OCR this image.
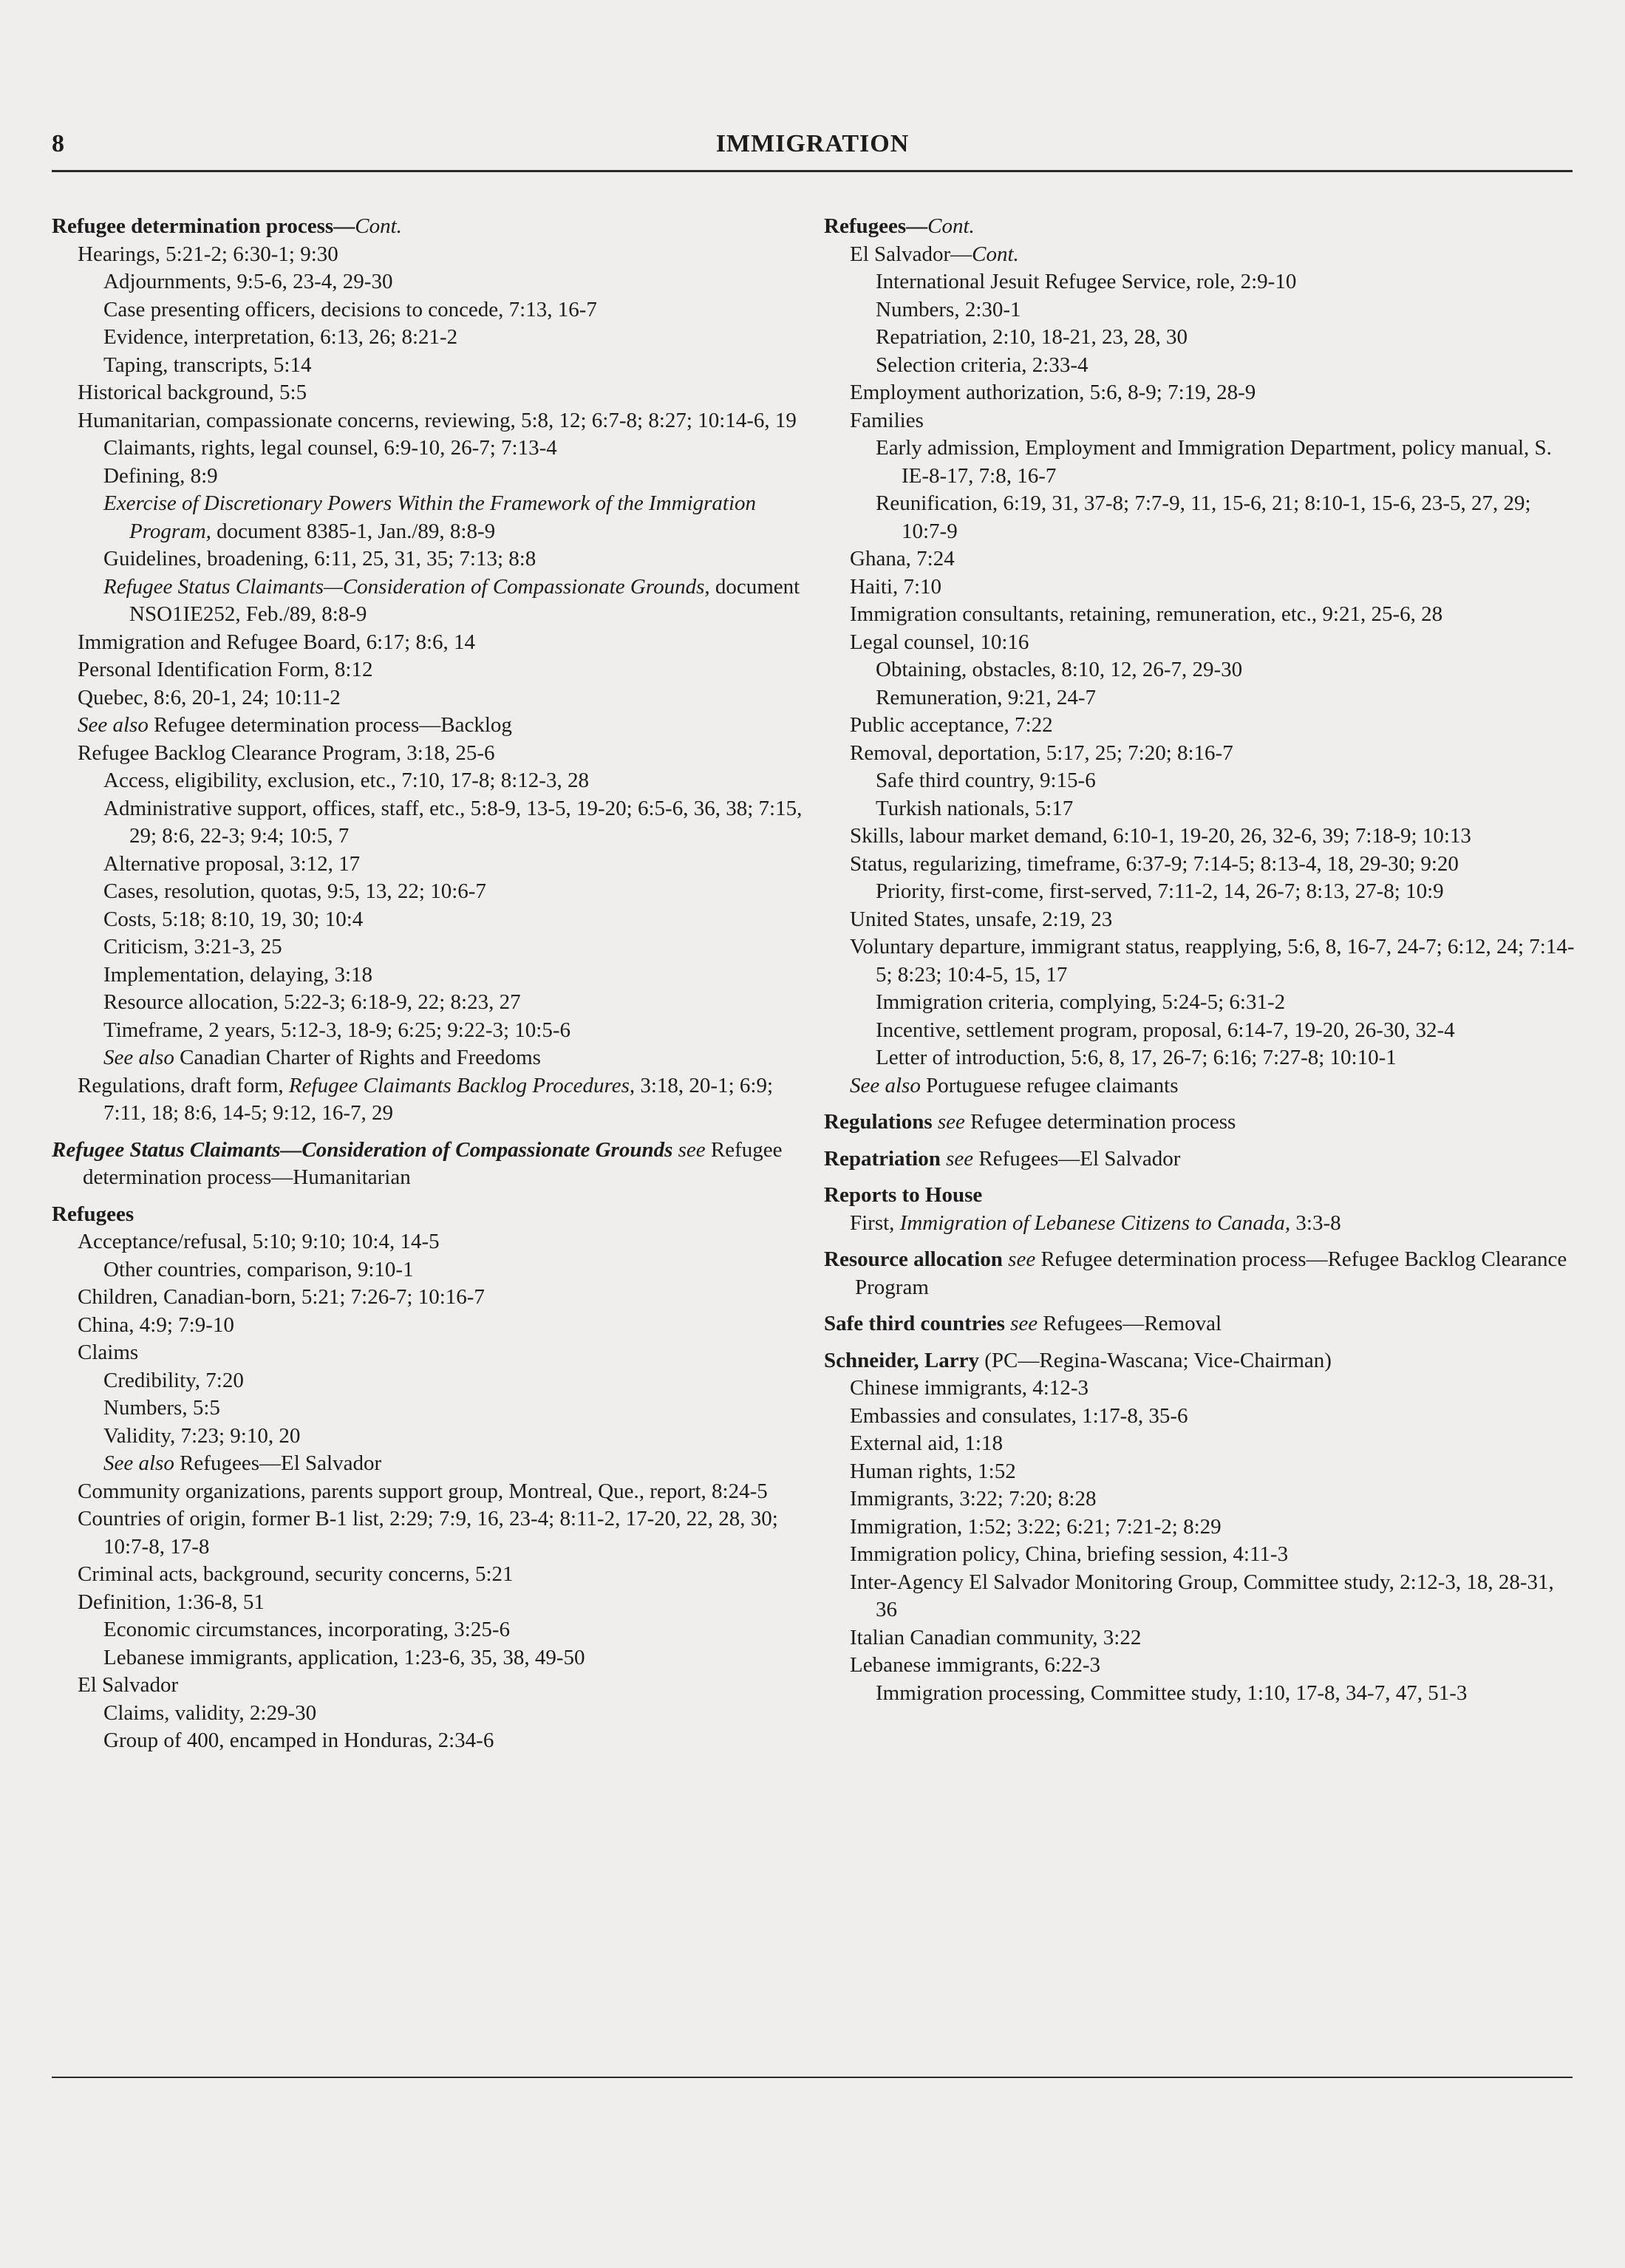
8	IMMIGRATION

Refugee determination process—Cont.

Hearings, 5:21-2; 6:30-1; 9:30

Adjournments, 9:5-6, 23-4, 29-30

Case presenting officers, decisions to concede, 7:13, 16-7

Evidence, interpretation, 6:13, 26; 8:21-2

Taping, transcripts, 5:14

Historical background, 5:5

Humanitarian, compassionate concerns, reviewing, 5:8, 12; 6:7-8; 8:27; 10:14-6, 19

Claimants, rights, legal counsel, 6:9-10, 26-7; 7:13-4

Defining, 8:9

Exercise of Discretionary Powers Within the Framework of the Immigration Program, document 8385-1, Jan./89, 8:8-9

Guidelines, broadening, 6:11, 25, 31, 35; 7:13; 8:8

Refugee Status Claimants—Consideration of Compassionate Grounds, document NSO1IE252, Feb./89, 8:8-9

Immigration and Refugee Board, 6:17; 8:6, 14

Personal Identification Form, 8:12

Quebec, 8:6, 20-1, 24; 10:11-2

See also Refugee determination process—Backlog

Refugee Backlog Clearance Program, 3:18, 25-6

Access, eligibility, exclusion, etc., 7:10, 17-8; 8:12-3, 28

Administrative support, offices, staff, etc., 5:8-9, 13-5, 19-20; 6:5-6, 36, 38; 7:15, 29; 8:6, 22-3; 9:4; 10:5, 7

Alternative proposal, 3:12, 17

Cases, resolution, quotas, 9:5, 13, 22; 10:6-7

Costs, 5:18; 8:10, 19, 30; 10:4

Criticism, 3:21-3, 25

Implementation, delaying, 3:18

Resource allocation, 5:22-3; 6:18-9, 22; 8:23, 27

Timeframe, 2 years, 5:12-3, 18-9; 6:25; 9:22-3; 10:5-6

See also Canadian Charter of Rights and Freedoms

Regulations, draft form, Refugee Claimants Backlog Procedures, 3:18, 20-1; 6:9; 7:11, 18; 8:6, 14-5; 9:12, 16-7, 29

Refugee Status Claimants—Consideration of Compassionate Grounds see Refugee determination process—Humanitarian

Refugees

Acceptance/refusal, 5:10; 9:10; 10:4, 14-5

Other countries, comparison, 9:10-1

Children, Canadian-born, 5:21; 7:26-7; 10:16-7

China, 4:9; 7:9-10

Claims

Credibility, 7:20

Numbers, 5:5

Validity, 7:23; 9:10, 20

See also Refugees—El Salvador

Community organizations, parents support group, Montreal, Que., report, 8:24-5

Countries of origin, former B-1 list, 2:29; 7:9, 16, 23-4; 8:11-2, 17-20, 22, 28, 30; 10:7-8, 17-8

Criminal acts, background, security concerns, 5:21

Definition, 1:36-8, 51

Economic circumstances, incorporating, 3:25-6

Lebanese immigrants, application, 1:23-6, 35, 38, 49-50

El Salvador

Claims, validity, 2:29-30

Group of 400, encamped in Honduras, 2:34-6

Refugees—Cont.

El Salvador—Cont.

International Jesuit Refugee Service, role, 2:9-10

Numbers, 2:30-1

Repatriation, 2:10, 18-21, 23, 28, 30

Selection criteria, 2:33-4

Employment authorization, 5:6, 8-9; 7:19, 28-9

Families

Early admission, Employment and Immigration Department, policy manual, S. IE-8-17, 7:8, 16-7

Reunification, 6:19, 31, 37-8; 7:7-9, 11, 15-6, 21; 8:10-1, 15-6, 23-5, 27, 29; 10:7-9

Ghana, 7:24

Haiti, 7:10

Immigration consultants, retaining, remuneration, etc., 9:21, 25-6, 28

Legal counsel, 10:16

Obtaining, obstacles, 8:10, 12, 26-7, 29-30

Remuneration, 9:21, 24-7

Public acceptance, 7:22

Removal, deportation, 5:17, 25; 7:20; 8:16-7

Safe third country, 9:15-6

Turkish nationals, 5:17

Skills, labour market demand, 6:10-1, 19-20, 26, 32-6, 39; 7:18-9; 10:13

Status, regularizing, timeframe, 6:37-9; 7:14-5; 8:13-4, 18, 29-30; 9:20

Priority, first-come, first-served, 7:11-2, 14, 26-7; 8:13, 27-8; 10:9

United States, unsafe, 2:19, 23

Voluntary departure, immigrant status, reapplying, 5:6, 8, 16-7, 24-7; 6:12, 24; 7:14-5; 8:23; 10:4-5, 15, 17

Immigration criteria, complying, 5:24-5; 6:31-2

Incentive, settlement program, proposal, 6:14-7, 19-20, 26-30, 32-4

Letter of introduction, 5:6, 8, 17, 26-7; 6:16; 7:27-8; 10:10-1

See also Portuguese refugee claimants

Regulations see Refugee determination process

Repatriation see Refugees—El Salvador

Reports to House

First, Immigration of Lebanese Citizens to Canada, 3:3-8

Resource allocation see Refugee determination process—Refugee Backlog Clearance Program

Safe third countries see Refugees—Removal

Schneider, Larry (PC—Regina-Wascana; Vice-Chairman)

Chinese immigrants, 4:12-3

Embassies and consulates, 1:17-8, 35-6

External aid, 1:18

Human rights, 1:52

Immigrants, 3:22; 7:20; 8:28

Immigration, 1:52; 3:22; 6:21; 7:21-2; 8:29

Immigration policy, China, briefing session, 4:11-3

Inter-Agency El Salvador Monitoring Group, Committee study, 2:12-3, 18, 28-31, 36

Italian Canadian community, 3:22

Lebanese immigrants, 6:22-3

Immigration processing, Committee study, 1:10, 17-8, 34-7, 47, 51-3
